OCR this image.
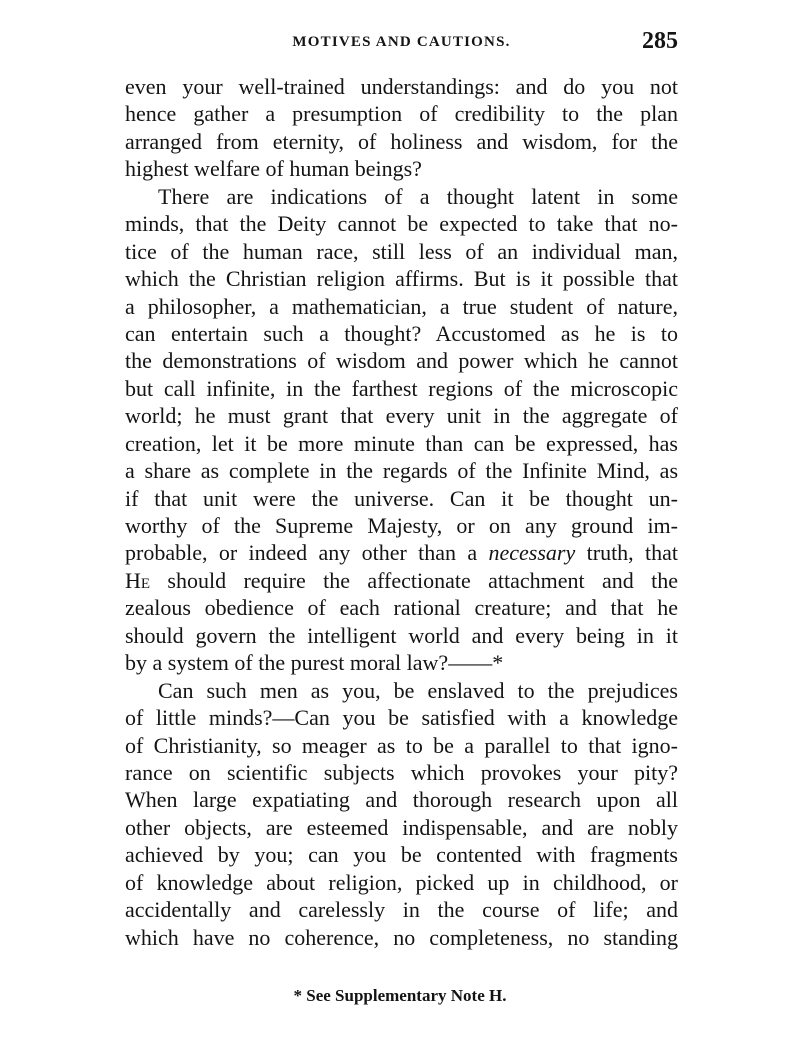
MOTIVES AND CAUTIONS.	285
even your well-trained understandings: and do you not
hence gather a presumption of credibility to the plan
arranged from eternity, of holiness and wisdom, for the
highest welfare of human beings?
There are indications of a thought latent in some
minds, that the Deity cannot be expected to take that no-
tice of the human race, still less of an individual man,
which the Christian religion affirms. But is it possible that
a philosopher, a mathematician, a true student of nature,
can entertain such a thought? Accustomed as he is to
the demonstrations of wisdom and power which he cannot
but call infinite, in the farthest regions of the microscopic
world; he must grant that every unit in the aggregate of
creation, let it be more minute than can be expressed, has
a share as complete in the regards of the Infinite Mind, as
if that unit were the universe. Can it be thought un-
worthy of the Supreme Majesty, or on any ground im-
probable, or indeed any other than a necessary truth, that
He should require the affectionate attachment and the
zealous obedience of each rational creature; and that he
should govern the intelligent world and every being in it
by a system of the purest moral law?——*
Can such men as you, be enslaved to the prejudices
of little minds?—Can you be satisfied with a knowledge
of Christianity, so meager as to be a parallel to that igno-
rance on scientific subjects which provokes your pity?
When large expatiating and thorough research upon all
other objects, are esteemed indispensable, and are nobly
achieved by you; can you be contented with fragments
of knowledge about religion, picked up in childhood, or
accidentally and carelessly in the course of life; and
which have no coherence, no completeness, no standing
* See Supplementary Note H.
